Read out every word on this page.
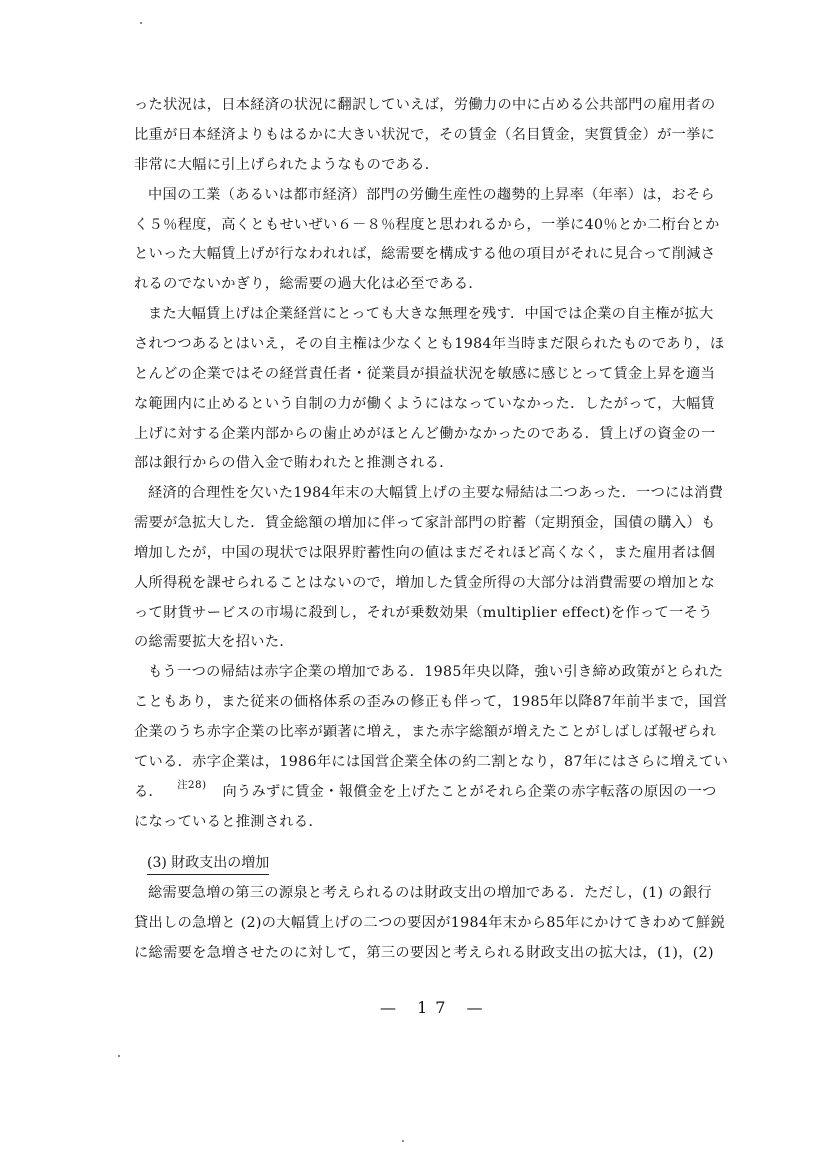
った状況は，日本経済の状況に翻訳していえば，労働力の中に占める公共部門の雇用者の
比重が日本経済よりもはるかに大きい状況で，その賃金（名目賃金，実質賃金）が一挙に
非常に大幅に引上げられたようなものである．
中国の工業（あるいは都市経済）部門の労働生産性の趨勢的上昇率（年率）は，おそら
く５％程度，高くともせいぜい６－８％程度と思われるから，一挙に40％とか二桁台とか
といった大幅賃上げが行なわれれば，総需要を構成する他の項目がそれに見合って削減さ
れるのでないかぎり，総需要の過大化は必至である．
また大幅賃上げは企業経営にとっても大きな無理を残す．中国では企業の自主権が拡大
されつつあるとはいえ，その自主権は少なくとも1984年当時まだ限られたものであり，ほ
とんどの企業ではその経営責任者・従業員が損益状況を敏感に感じとって賃金上昇を適当
な範囲内に止めるという自制の力が働くようにはなっていなかった．したがって，大幅賃
上げに対する企業内部からの歯止めがほとんど働かなかったのである．賃上げの資金の一
部は銀行からの借入金で賄われたと推測される．
経済的合理性を欠いた1984年末の大幅賃上げの主要な帰結は二つあった．一つには消費
需要が急拡大した．賃金総額の増加に伴って家計部門の貯蓄（定期預金，国債の購入）も
増加したが，中国の現状では限界貯蓄性向の値はまだそれほど高くなく，また雇用者は個
人所得税を課せられることはないので，増加した賃金所得の大部分は消費需要の増加とな
って財貨サービスの市場に殺到し，それが乗数効果（multiplier effect)を作って一そう
の総需要拡大を招いた．
もう一つの帰結は赤字企業の増加である．1985年央以降，強い引き締め政策がとられた
こともあり，また従来の価格体系の歪みの修正も伴って，1985年以降87年前半まで，国営
企業のうち赤字企業の比率が顕著に増え，また赤字総額が増えたことがしばしば報ぜられ
ている．赤字企業は，1986年には国営企業全体の約二割となり，87年にはさらに増えてい
る． $^{注28)}$ 向うみずに賃金・報償金を上げたことがそれら企業の赤字転落の原因の一つ
になっていると推測される．
(3) 財政支出の増加
総需要急増の第三の源泉と考えられるのは財政支出の増加である．ただし，(1) の銀行
貸出しの急増と (2)の大幅賃上げの二つの要因が1984年末から85年にかけてきわめて鮮鋭
に総需要を急増させたのに対して，第三の要因と考えられる財政支出の拡大は，(1)，(2)
— 17 —
